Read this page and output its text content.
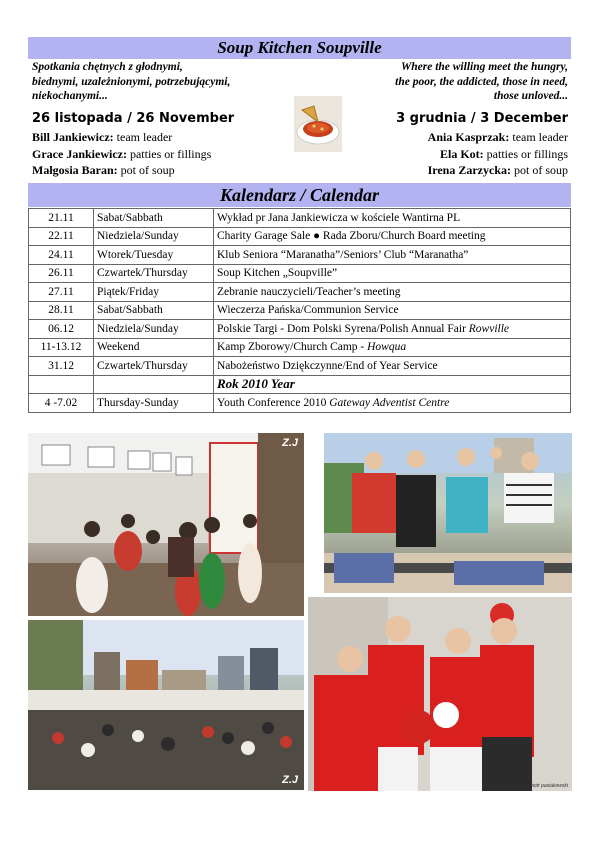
Soup Kitchen Soupville
Spotkania chętnych z głodnymi,
biednymi, uzależnionymi, potrzebującymi,
niekochanymi...
Where the willing meet the hungry,
the poor, the addicted, those in need,
those unloved...
26 listopada / 26 November	3 grudnia / 3 December
Bill Jankiewicz: team leader
Grace Jankiewicz: patties or fillings
Małgosia Baran: pot of soup
Ania Kasprzak: team leader
Ela Kot: patties or fillings
Irena Zarzycka: pot of soup
Kalendarz / Calendar
21.11	Sabat/Sabbath	Wykład pr Jana Jankiewicza w kościele Wantirna PL
22.11	Niedziela/Sunday	Charity Garage Sale ● Rada Zboru/Church Board meeting
24.11	Wtorek/Tuesday	Klub Seniora “Maranatha”/Seniors’ Club “Maranatha”
26.11	Czwartek/Thursday	Soup Kitchen „Soupville”
27.11	Piątek/Friday	Zebranie nauczycieli/Teacher’s meeting
28.11	Sabat/Sabbath	Wieczerza Pańska/Communion Service
06.12	Niedziela/Sunday	Polskie Targi - Dom Polski Syrena/Polish Annual Fair Rowville
11-13.12	Weekend	Kamp Zborowy/Church Camp - Howqua
31.12	Czwartek/Thursday	Nabożeństwo Dziękczynne/End of Year Service
		Rok 2010 Year
4 -7.02	Thursday-Sunday	Youth Conference 2010 Gateway Adventist Centre
Z.J
Z.J	piotr pasiakowski
